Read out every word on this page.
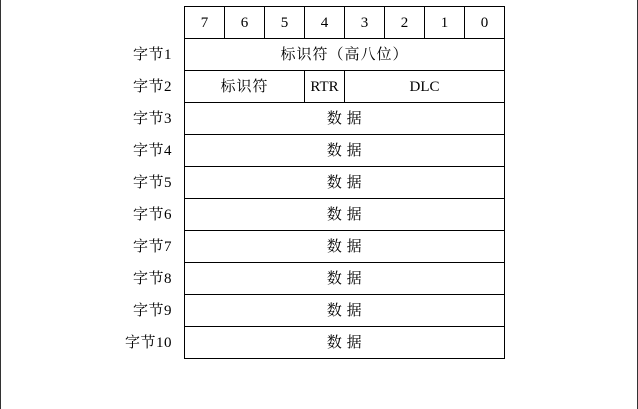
	7	6	5	4	3	2	1	0
字节1	标识符（高八位）							
字节2	标识符			RTR	DLC			
字节3	数 据							
字节4	数 据							
字节5	数 据							
字节6	数 据							
字节7	数 据							
字节8	数 据							
字节9	数 据							
字节10	数 据							
